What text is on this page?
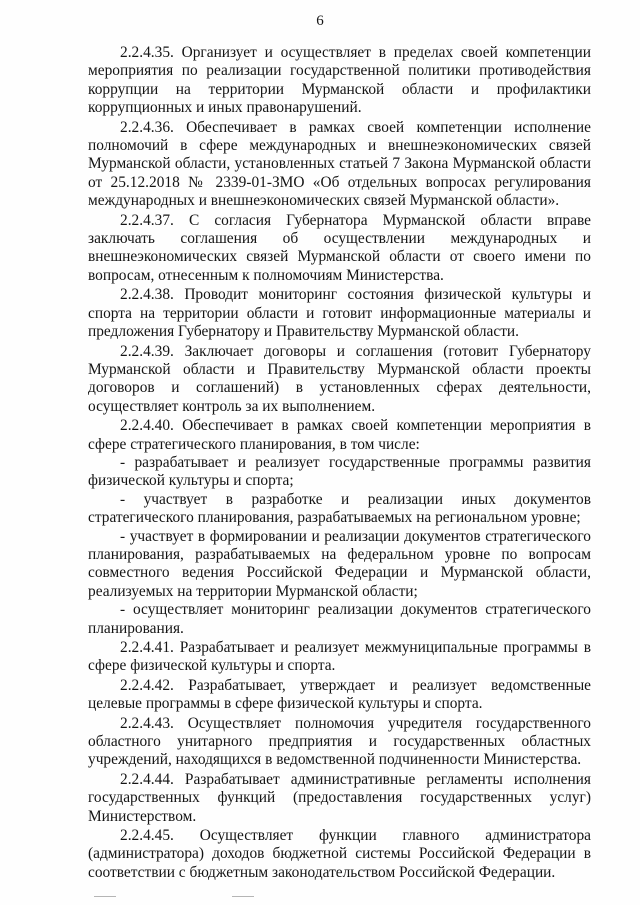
6

2.2.4.35. Организует и осуществляет в пределах своей компетенции мероприятия по реализации государственной политики противодействия коррупции на территории Мурманской области и профилактики коррупционных и иных правонарушений.

2.2.4.36. Обеспечивает в рамках своей компетенции исполнение полномочий в сфере международных и внешнеэкономических связей Мурманской области, установленных статьей 7 Закона Мурманской области от 25.12.2018 № 2339-01-ЗМО «Об отдельных вопросах регулирования международных и внешнеэкономических связей Мурманской области».

2.2.4.37. С согласия Губернатора Мурманской области вправе заключать соглашения об осуществлении международных и внешнеэкономических связей Мурманской области от своего имени по вопросам, отнесенным к полномочиям Министерства.

2.2.4.38. Проводит мониторинг состояния физической культуры и спорта на территории области и готовит информационные материалы и предложения Губернатору и Правительству Мурманской области.

2.2.4.39. Заключает договоры и соглашения (готовит Губернатору Мурманской области и Правительству Мурманской области проекты договоров и соглашений) в установленных сферах деятельности, осуществляет контроль за их выполнением.

2.2.4.40. Обеспечивает в рамках своей компетенции мероприятия в сфере стратегического планирования, в том числе:

- разрабатывает и реализует государственные программы развития физической культуры и спорта;

- участвует в разработке и реализации иных документов стратегического планирования, разрабатываемых на региональном уровне;

- участвует в формировании и реализации документов стратегического планирования, разрабатываемых на федеральном уровне по вопросам совместного ведения Российской Федерации и Мурманской области, реализуемых на территории Мурманской области;

- осуществляет мониторинг реализации документов стратегического планирования.

2.2.4.41. Разрабатывает и реализует межмуниципальные программы в сфере физической культуры и спорта.

2.2.4.42. Разрабатывает, утверждает и реализует ведомственные целевые программы в сфере физической культуры и спорта.

2.2.4.43. Осуществляет полномочия учредителя государственного областного унитарного предприятия и государственных областных учреждений, находящихся в ведомственной подчиненности Министерства.

2.2.4.44. Разрабатывает административные регламенты исполнения государственных функций (предоставления государственных услуг) Министерством.

2.2.4.45. Осуществляет функции главного администратора (администратора) доходов бюджетной системы Российской Федерации в соответствии с бюджетным законодательством Российской Федерации.
